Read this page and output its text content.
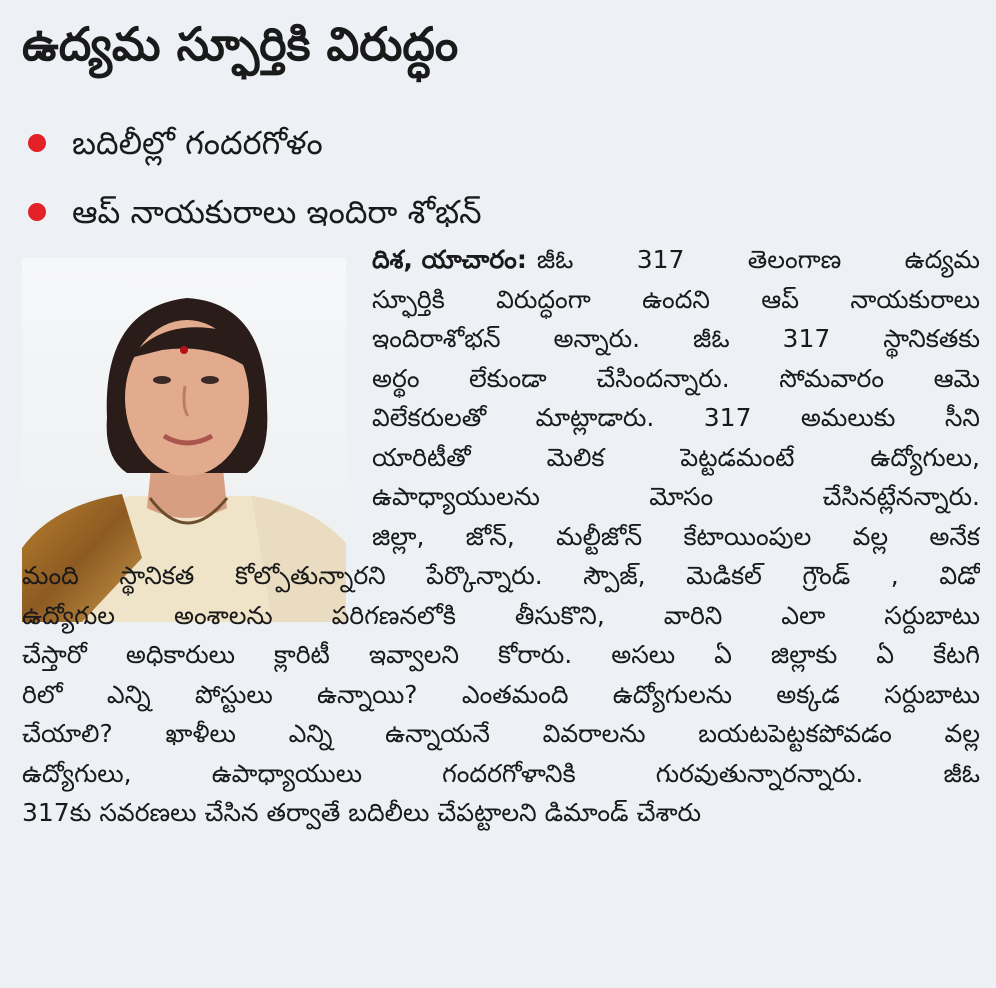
ఉద్యమ స్ఫూర్తికి విరుద్ధం
బదిలీల్లో గందరగోళం
ఆప్ నాయకురాలు ఇందిరా శోభన్
దిశ, యాచారం: జీఓ 317 తెలంగాణ ఉద్యమ
స్ఫూర్తికి విరుద్ధంగా ఉందని ఆప్ నాయకురాలు
ఇందిరాశోభన్ అన్నారు. జీఓ 317 స్థానికతకు
అర్థం లేకుండా చేసిందన్నారు. సోమవారం ఆమె
విలేకరులతో మాట్లాడారు. 317 అమలుకు సీని
యారిటీతో మెలిక పెట్టడమంటే ఉద్యోగులు,
ఉపాధ్యాయులను మోసం చేసినట్లేనన్నారు.
జిల్లా, జోన్, మల్టీజోన్ కేటాయింపుల వల్ల అనేక
మంది స్థానికత కోల్పోతున్నారని పేర్కొన్నారు. స్పౌజ్, మెడికల్ గ్రౌండ్ , విడో
ఉద్యోగుల అంశాలను పరిగణనలోకి తీసుకొని, వారిని ఎలా సర్దుబాటు
చేస్తారో అధికారులు క్లారిటీ ఇవ్వాలని కోరారు. అసలు ఏ జిల్లాకు ఏ కేటగి
రిలో ఎన్ని పోస్టులు ఉన్నాయి? ఎంతమంది ఉద్యోగులను అక్కడ సర్దుబాటు
చేయాలి? ఖాళీలు ఎన్ని ఉన్నాయనే వివరాలను బయటపెట్టకపోవడం వల్ల
ఉద్యోగులు, ఉపాధ్యాయులు గందరగోళానికి గురవుతున్నారన్నారు. జీఓ
317కు సవరణలు చేసిన తర్వాతే బదిలీలు చేపట్టాలని డిమాండ్ చేశారు
